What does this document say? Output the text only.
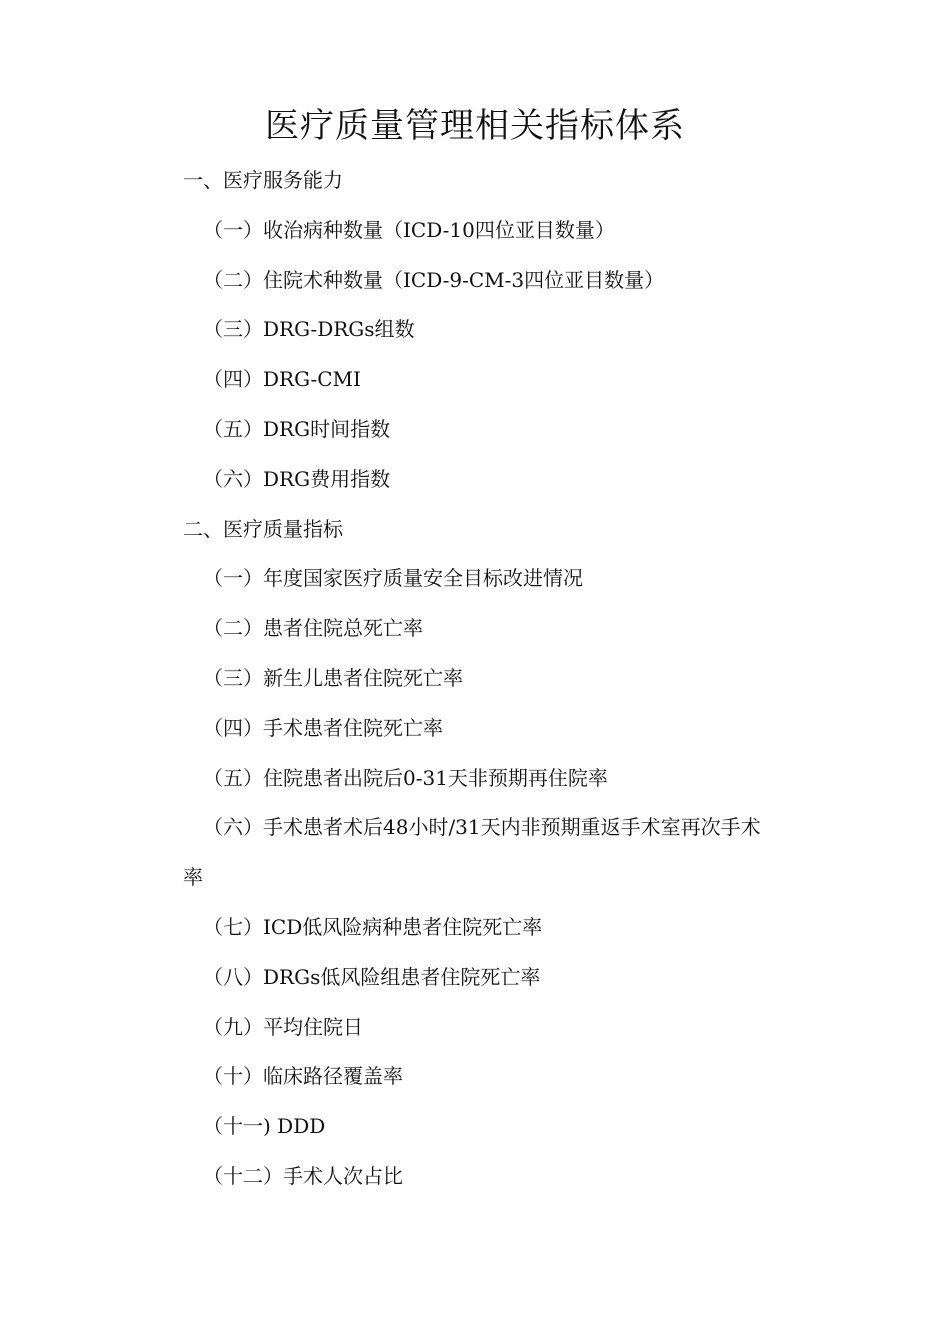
医疗质量管理相关指标体系
一、医疗服务能力
（一）收治病种数量（ICD-10四位亚目数量）
（二）住院术种数量（ICD-9-CM-3四位亚目数量）
（三）DRG-DRGs组数
（四）DRG-CMI
（五）DRG时间指数
（六）DRG费用指数
二、医疗质量指标
（一）年度国家医疗质量安全目标改进情况
（二）患者住院总死亡率
（三）新生儿患者住院死亡率
（四）手术患者住院死亡率
（五）住院患者出院后0-31天非预期再住院率
（六）手术患者术后48小时/31天内非预期重返手术室再次手术
率
（七）ICD低风险病种患者住院死亡率
（八）DRGs低风险组患者住院死亡率
（九）平均住院日
（十）临床路径覆盖率
（十一) DDD
（十二）手术人次占比
